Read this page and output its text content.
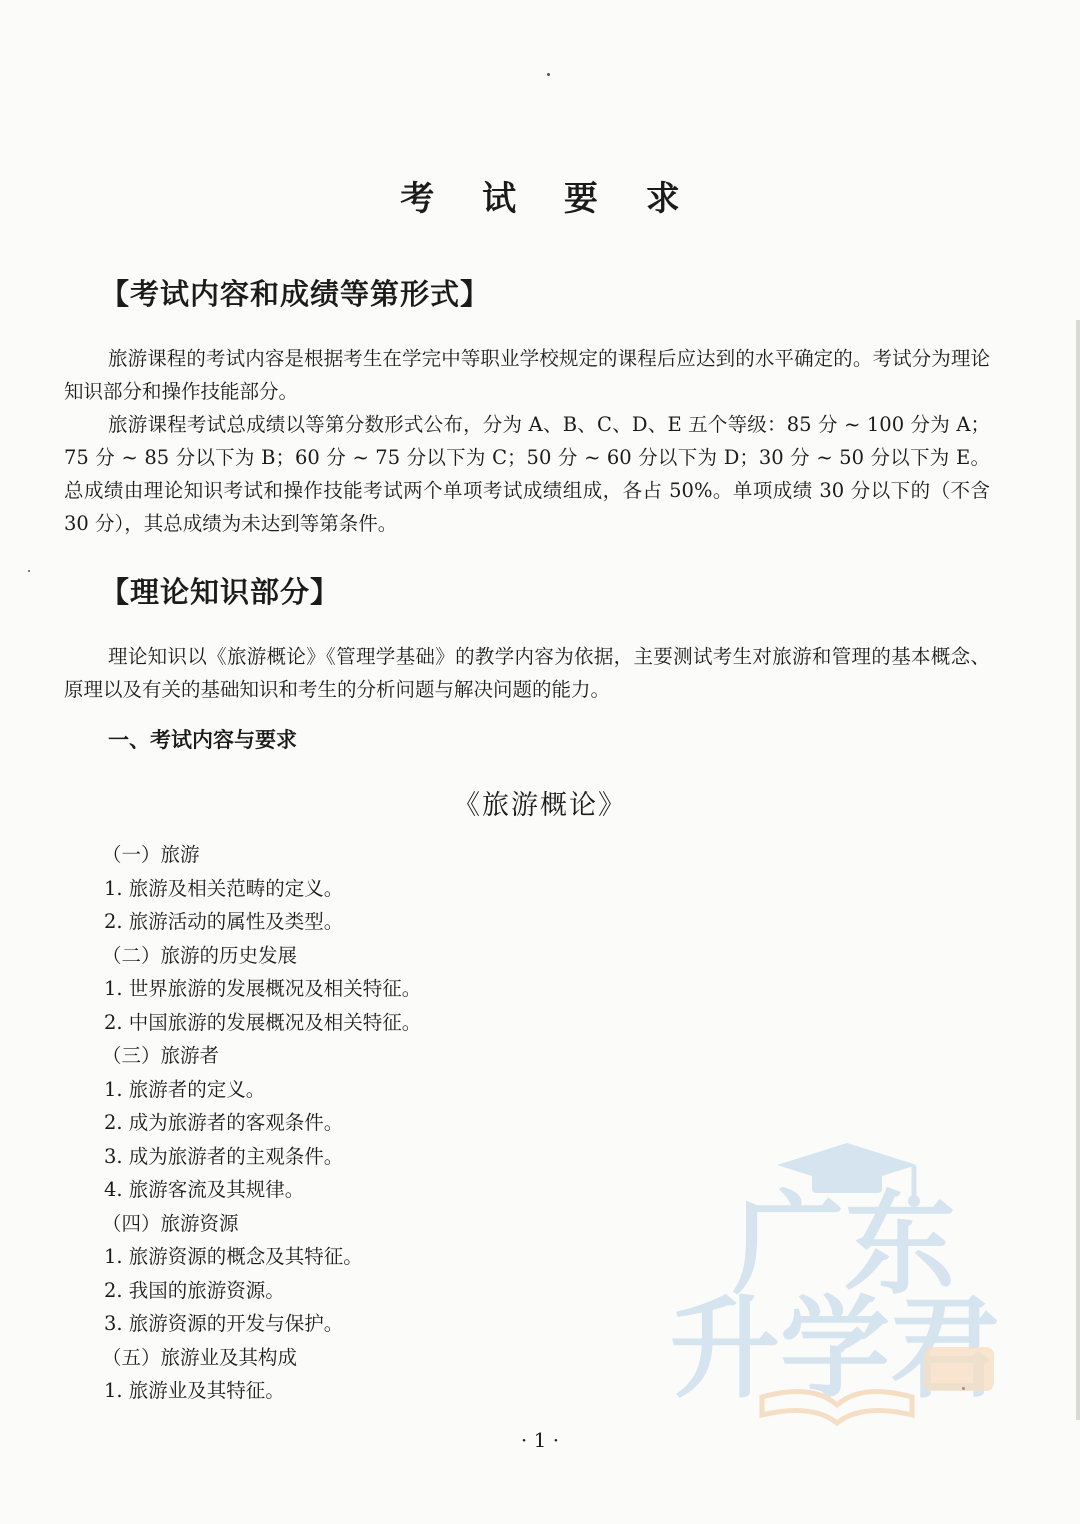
考 试 要 求
【考试内容和成绩等第形式】

旅游课程的考试内容是根据考生在学完中等职业学校规定的课程后应达到的水平确定的。考试分为理论知识部分和操作技能部分。

旅游课程考试总成绩以等第分数形式公布，分为 A、B、C、D、E 五个等级：85 分 ~ 100 分为 A；75 分 ~ 85 分以下为 B；60 分 ~ 75 分以下为 C；50 分 ~ 60 分以下为 D；30 分 ~ 50 分以下为 E。总成绩由理论知识考试和操作技能考试两个单项考试成绩组成，各占 50%。单项成绩 30 分以下的（不含 30 分），其总成绩为未达到等第条件。

【理论知识部分】

理论知识以《旅游概论》《管理学基础》的教学内容为依据，主要测试考生对旅游和管理的基本概念、原理以及有关的基础知识和考生的分析问题与解决问题的能力。

一、考试内容与要求
《旅游概论》
（一）旅游
1. 旅游及相关范畴的定义。
2. 旅游活动的属性及类型。
（二）旅游的历史发展
1. 世界旅游的发展概况及相关特征。
2. 中国旅游的发展概况及相关特征。
（三）旅游者
1. 旅游者的定义。
2. 成为旅游者的客观条件。
3. 成为旅游者的主观条件。
4. 旅游客流及其规律。
（四）旅游资源
1. 旅游资源的概念及其特征。
2. 我国的旅游资源。
3. 旅游资源的开发与保护。
（五）旅游业及其构成
1. 旅游业及其特征。
· 1 ·
广东
升学君
